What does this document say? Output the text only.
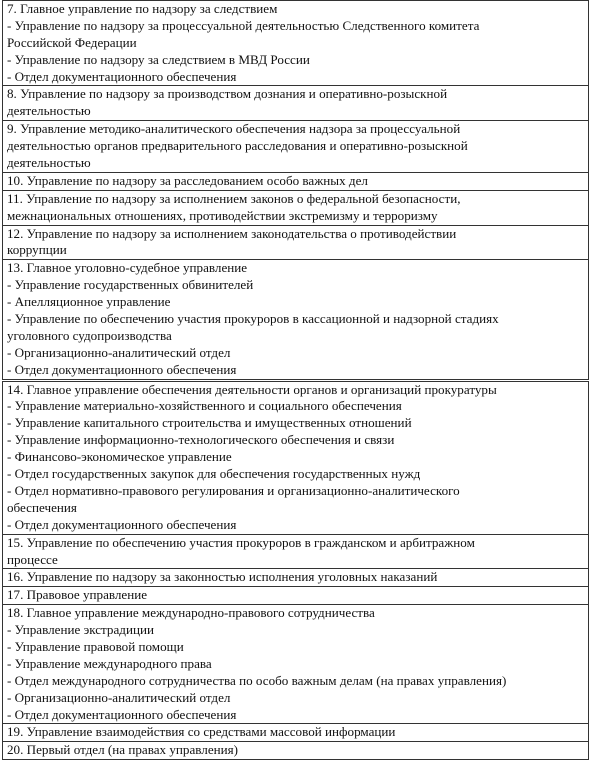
7. Главное управление по надзору за следствием
- Управление по надзору за процессуальной деятельностью Следственного комитета
Российской Федерации
- Управление по надзору за следствием в МВД России
- Отдел документационного обеспечения
8. Управление по надзору за производством дознания и оперативно-розыскной
деятельностью
9. Управление методико-аналитического обеспечения надзора за процессуальной
деятельностью органов предварительного расследования и оперативно-розыскной
деятельностью
10. Управление по надзору за расследованием особо важных дел
11. Управление по надзору за исполнением законов о федеральной безопасности,
межнациональных отношениях, противодействии экстремизму и терроризму
12. Управление по надзору за исполнением законодательства о противодействии
коррупции
13. Главное уголовно-судебное управление
- Управление государственных обвинителей
- Апелляционное управление
- Управление по обеспечению участия прокуроров в кассационной и надзорной стадиях
уголовного судопроизводства
- Организационно-аналитический отдел
- Отдел документационного обеспечения
14. Главное управление обеспечения деятельности органов и организаций прокуратуры
- Управление материально-хозяйственного и социального обеспечения
- Управление капитального строительства и имущественных отношений
- Управление информационно-технологического обеспечения и связи
- Финансово-экономическое управление
- Отдел государственных закупок для обеспечения государственных нужд
- Отдел нормативно-правового регулирования и организационно-аналитического
обеспечения
- Отдел документационного обеспечения
15. Управление по обеспечению участия прокуроров в гражданском и арбитражном
процессе
16. Управление по надзору за законностью исполнения уголовных наказаний
17. Правовое управление
18. Главное управление международно-правового сотрудничества
- Управление экстрадиции
- Управление правовой помощи
- Управление международного права
- Отдел международного сотрудничества по особо важным делам (на правах управления)
- Организационно-аналитический отдел
- Отдел документационного обеспечения
19. Управление взаимодействия со средствами массовой информации
20. Первый отдел (на правах управления)
